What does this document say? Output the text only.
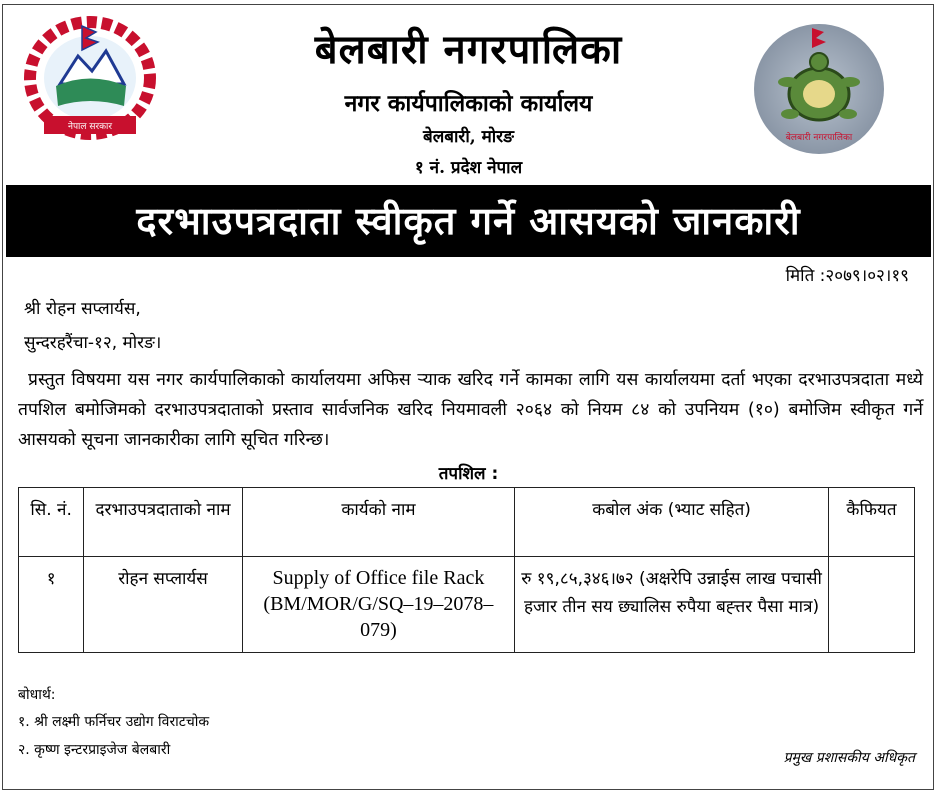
नेपाल सरकार
बेलबारी नगरपालिका
बेलबारी नगरपालिका
नगर कार्यपालिकाको कार्यालय
बेलबारी, मोरङ
१ नं. प्रदेश नेपाल
दरभाउपत्रदाता स्वीकृत गर्ने आसयको जानकारी
मिति :२०७९।०२।१९
श्री रोहन सप्लार्यस,
सुन्दरहरैंचा-१२, मोरङ।
प्रस्तुत विषयमा यस नगर कार्यपालिकाको कार्यालयमा अफिस र्‍याक खरिद गर्ने कामका लागि यस कार्यालयमा दर्ता भएका दरभाउपत्रदाता मध्ये तपशिल बमोजिमको दरभाउपत्रदाताको प्रस्ताव सार्वजनिक खरिद नियमावली २०६४ को नियम ८४ को उपनियम (१०) बमोजिम स्वीकृत गर्ने आसयको सूचना जानकारीका लागि सूचित गरिन्छ।
तपशिल :
सि. नं.	दरभाउपत्रदाताको नाम	कार्यको नाम	कबोल अंक (भ्याट सहित)	कैफियत
१	रोहन सप्लार्यस	Supply of Office file Rack (BM/MOR/G/SQ–19–2078–079)	रु १९,८५,३४६।७२ (अक्षरेपि उन्नाईस लाख पचासी हजार तीन सय छ्यालिस रुपैया बह्त्तर पैसा मात्र)	
बोधार्थ:
१. श्री लक्ष्मी फर्निचर उद्योग विराटचोक
२. कृष्ण इन्टरप्राइजेज बेलबारी	प्रमुख प्रशासकीय अधिकृत
